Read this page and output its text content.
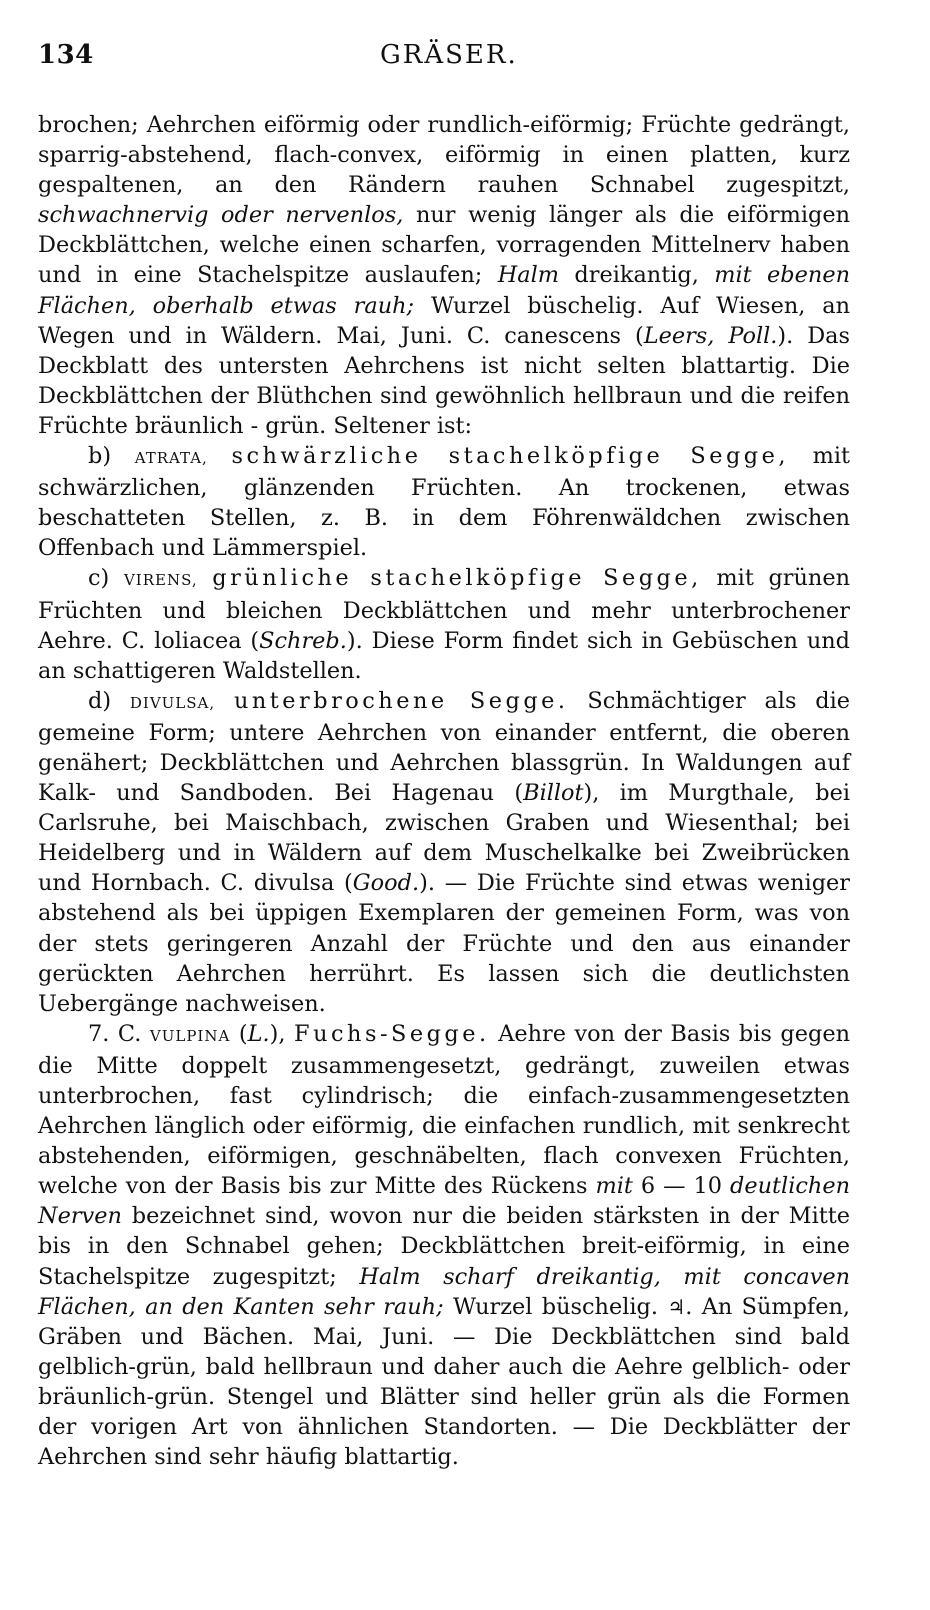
134	GRÄSER.

brochen; Aehrchen eiförmig oder rundlich-eiförmig; Früchte gedrängt, sparrig-abstehend, flach-convex, eiförmig in einen platten, kurz gespaltenen, an den Rändern rauhen Schnabel zugespitzt, schwachnervig oder nervenlos, nur wenig länger als die eiförmigen Deckblättchen, welche einen scharfen, vorragenden Mittelnerv haben und in eine Stachelspitze auslaufen; Halm dreikantig, mit ebenen Flächen, oberhalb etwas rauh; Wurzel büschelig. Auf Wiesen, an Wegen und in Wäldern. Mai, Juni. C. canescens (Leers, Poll.). Das Deckblatt des untersten Aehrchens ist nicht selten blattartig. Die Deckblättchen der Blüthchen sind gewöhnlich hellbraun und die reifen Früchte bräunlich - grün. Seltener ist:

b) ATRATA, schwärzliche stachelköpfige Segge, mit schwärzlichen, glänzenden Früchten. An trockenen, etwas beschatteten Stellen, z. B. in dem Föhrenwäldchen zwischen Offenbach und Lämmerspiel.

c) VIRENS, grünliche stachelköpfige Segge, mit grünen Früchten und bleichen Deckblättchen und mehr unterbrochener Aehre. C. loliacea (Schreb.). Diese Form findet sich in Gebüschen und an schattigeren Waldstellen.

d) DIVULSA, unterbrochene Segge. Schmächtiger als die gemeine Form; untere Aehrchen von einander entfernt, die oberen genähert; Deckblättchen und Aehrchen blassgrün. In Waldungen auf Kalk- und Sandboden. Bei Hagenau (Billot), im Murgthale, bei Carlsruhe, bei Maischbach, zwischen Graben und Wiesenthal; bei Heidelberg und in Wäldern auf dem Muschelkalke bei Zweibrücken und Hornbach. C. divulsa (Good.). — Die Früchte sind etwas weniger abstehend als bei üppigen Exemplaren der gemeinen Form, was von der stets geringeren Anzahl der Früchte und den aus einander gerückten Aehrchen herrührt. Es lassen sich die deutlichsten Uebergänge nachweisen.

7. C. VULPINA (L.), Fuchs-Segge. Aehre von der Basis bis gegen die Mitte doppelt zusammengesetzt, gedrängt, zuweilen etwas unterbrochen, fast cylindrisch; die einfach-zusammengesetzten Aehrchen länglich oder eiförmig, die einfachen rundlich, mit senkrecht abstehenden, eiförmigen, geschnäbelten, flach convexen Früchten, welche von der Basis bis zur Mitte des Rückens mit 6 — 10 deutlichen Nerven bezeichnet sind, wovon nur die beiden stärksten in der Mitte bis in den Schnabel gehen; Deckblättchen breit-eiförmig, in eine Stachelspitze zugespitzt; Halm scharf dreikantig, mit concaven Flächen, an den Kanten sehr rauh; Wurzel büschelig. ♃. An Sümpfen, Gräben und Bächen. Mai, Juni. — Die Deckblättchen sind bald gelblich-grün, bald hellbraun und daher auch die Aehre gelblich- oder bräunlich-grün. Stengel und Blätter sind heller grün als die Formen der vorigen Art von ähnlichen Standorten. — Die Deckblätter der Aehrchen sind sehr häufig blattartig.
